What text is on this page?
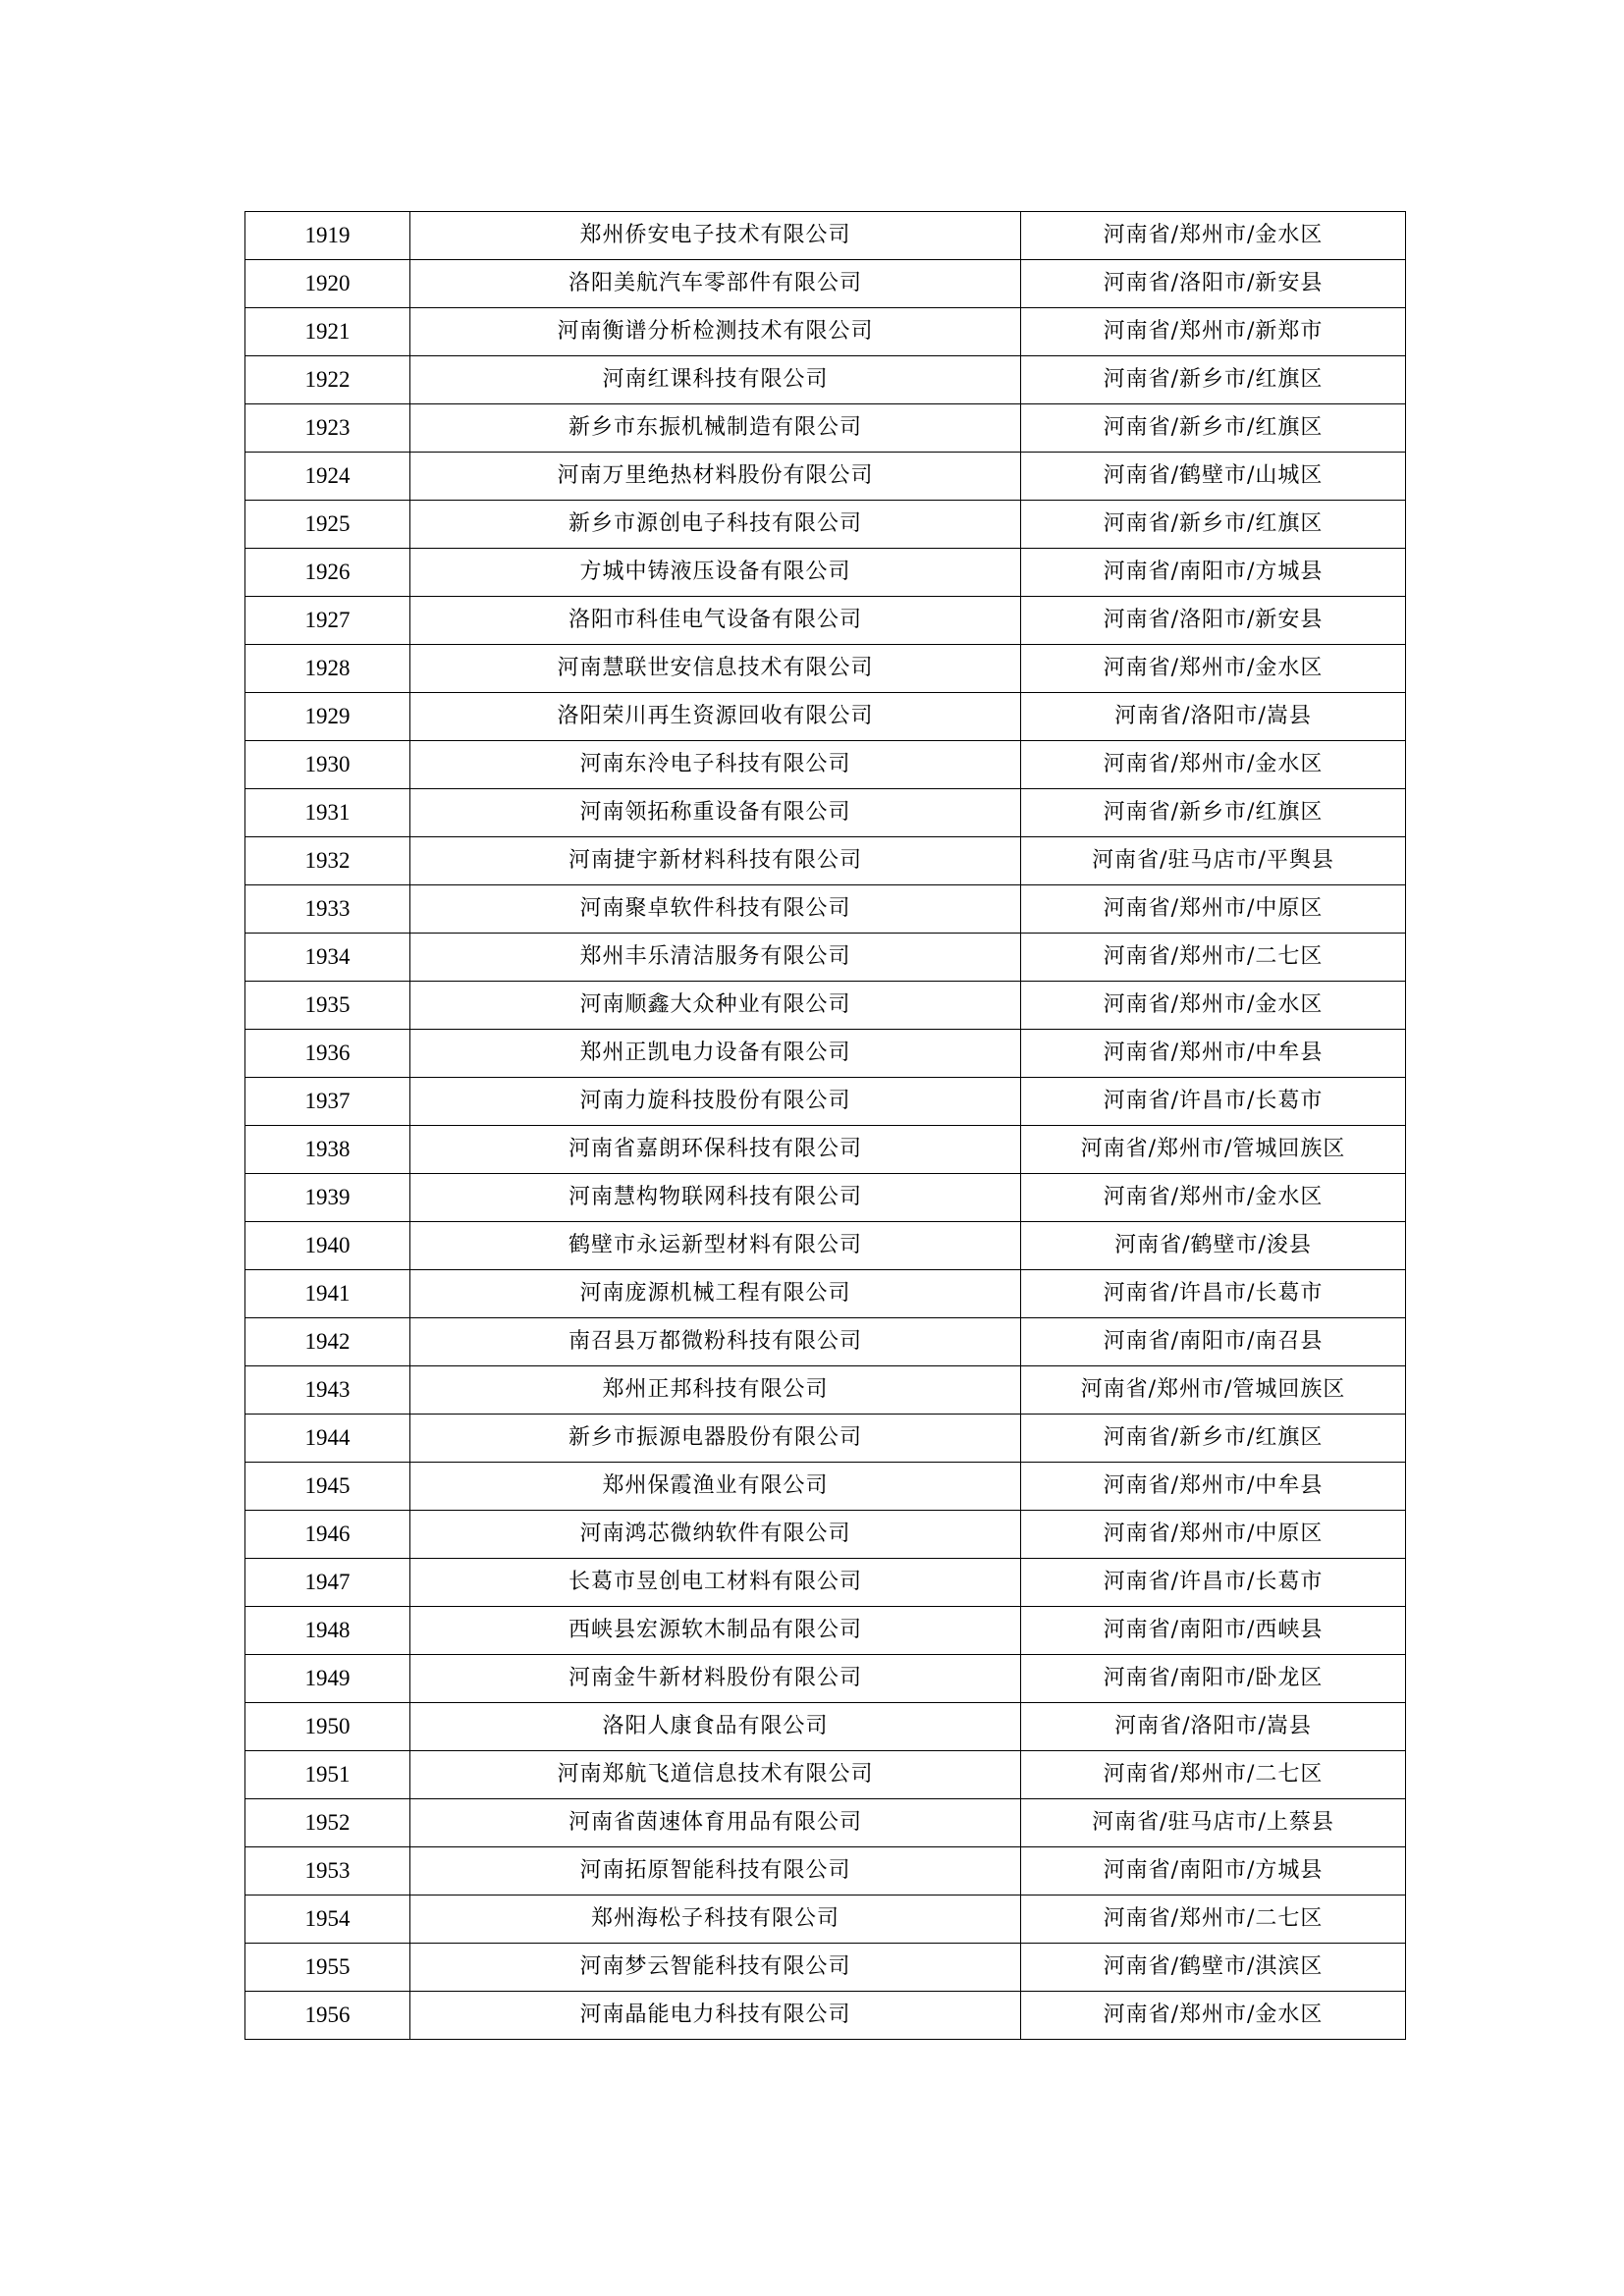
1919	郑州侨安电子技术有限公司	河南省/郑州市/金水区
1920	洛阳美航汽车零部件有限公司	河南省/洛阳市/新安县
1921	河南衡谱分析检测技术有限公司	河南省/郑州市/新郑市
1922	河南红课科技有限公司	河南省/新乡市/红旗区
1923	新乡市东振机械制造有限公司	河南省/新乡市/红旗区
1924	河南万里绝热材料股份有限公司	河南省/鹤壁市/山城区
1925	新乡市源创电子科技有限公司	河南省/新乡市/红旗区
1926	方城中铸液压设备有限公司	河南省/南阳市/方城县
1927	洛阳市科佳电气设备有限公司	河南省/洛阳市/新安县
1928	河南慧联世安信息技术有限公司	河南省/郑州市/金水区
1929	洛阳荣川再生资源回收有限公司	河南省/洛阳市/嵩县
1930	河南东泠电子科技有限公司	河南省/郑州市/金水区
1931	河南领拓称重设备有限公司	河南省/新乡市/红旗区
1932	河南捷宇新材料科技有限公司	河南省/驻马店市/平舆县
1933	河南聚卓软件科技有限公司	河南省/郑州市/中原区
1934	郑州丰乐清洁服务有限公司	河南省/郑州市/二七区
1935	河南顺鑫大众种业有限公司	河南省/郑州市/金水区
1936	郑州正凯电力设备有限公司	河南省/郑州市/中牟县
1937	河南力旋科技股份有限公司	河南省/许昌市/长葛市
1938	河南省嘉朗环保科技有限公司	河南省/郑州市/管城回族区
1939	河南慧构物联网科技有限公司	河南省/郑州市/金水区
1940	鹤壁市永运新型材料有限公司	河南省/鹤壁市/浚县
1941	河南庞源机械工程有限公司	河南省/许昌市/长葛市
1942	南召县万都微粉科技有限公司	河南省/南阳市/南召县
1943	郑州正邦科技有限公司	河南省/郑州市/管城回族区
1944	新乡市振源电器股份有限公司	河南省/新乡市/红旗区
1945	郑州保霞渔业有限公司	河南省/郑州市/中牟县
1946	河南鸿芯微纳软件有限公司	河南省/郑州市/中原区
1947	长葛市昱创电工材料有限公司	河南省/许昌市/长葛市
1948	西峡县宏源软木制品有限公司	河南省/南阳市/西峡县
1949	河南金牛新材料股份有限公司	河南省/南阳市/卧龙区
1950	洛阳人康食品有限公司	河南省/洛阳市/嵩县
1951	河南郑航飞道信息技术有限公司	河南省/郑州市/二七区
1952	河南省茵速体育用品有限公司	河南省/驻马店市/上蔡县
1953	河南拓原智能科技有限公司	河南省/南阳市/方城县
1954	郑州海松子科技有限公司	河南省/郑州市/二七区
1955	河南梦云智能科技有限公司	河南省/鹤壁市/淇滨区
1956	河南晶能电力科技有限公司	河南省/郑州市/金水区
